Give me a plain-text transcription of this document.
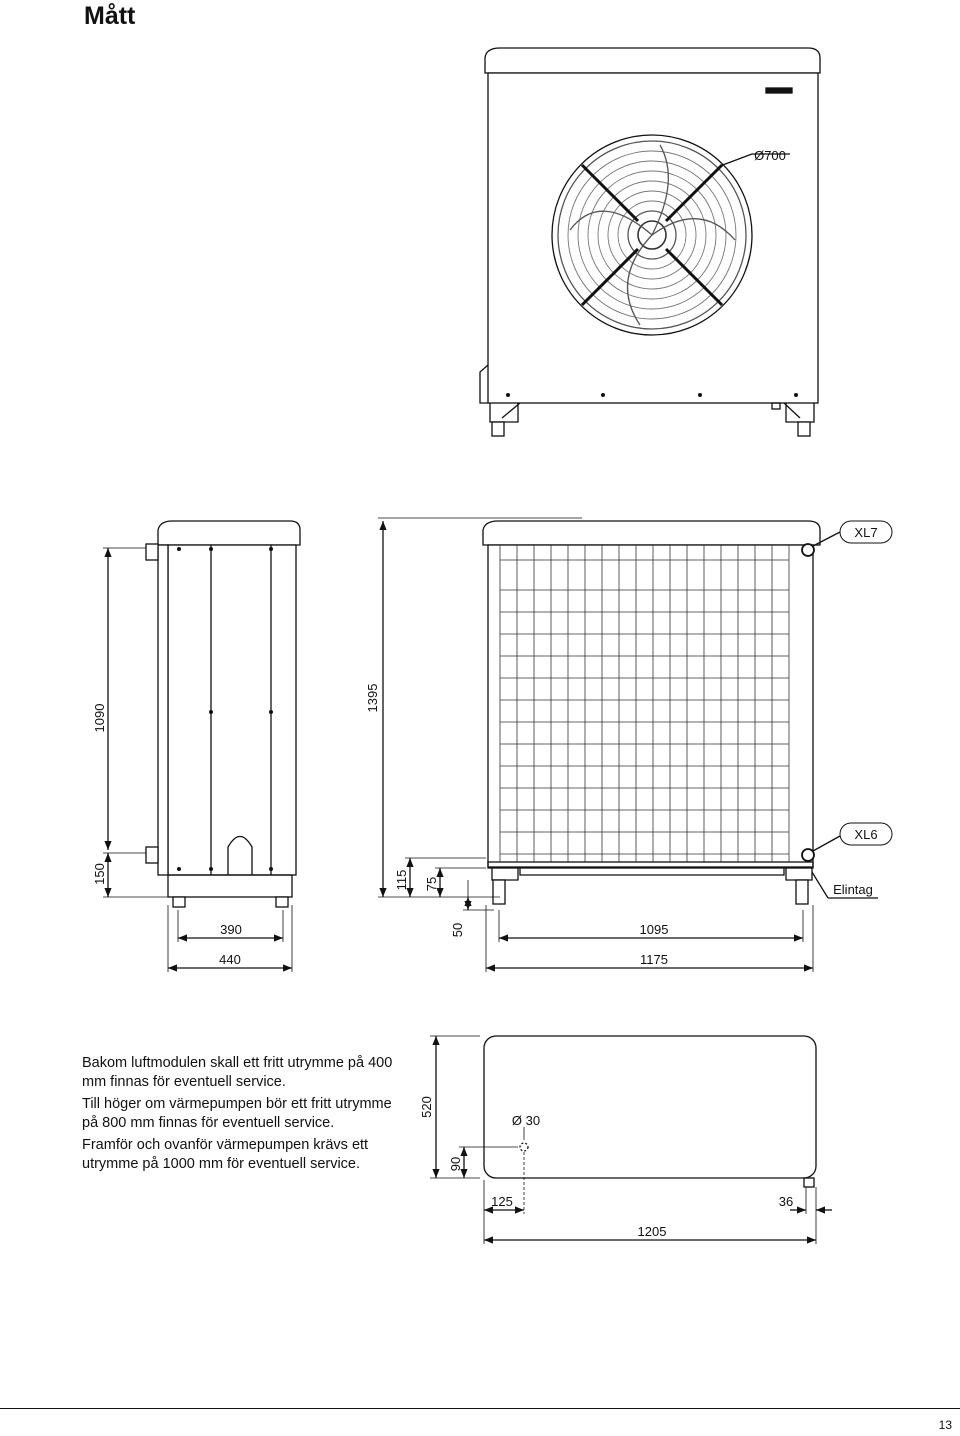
Mått
XL7
XL6
Elintag
Ø700
1090
150
390
440
1395
115 75
50	1095
1175
520
90
Ø 30
125	36
1205

Bakom luftmodulen skall ett fritt utrymme på 400 mm finnas för eventuell service.

Till höger om värmepumpen bör ett fritt utrymme på 800 mm finnas för eventuell service.

Framför och ovanför värmepumpen krävs ett utrymme på 1000 mm för eventuell service.

13
